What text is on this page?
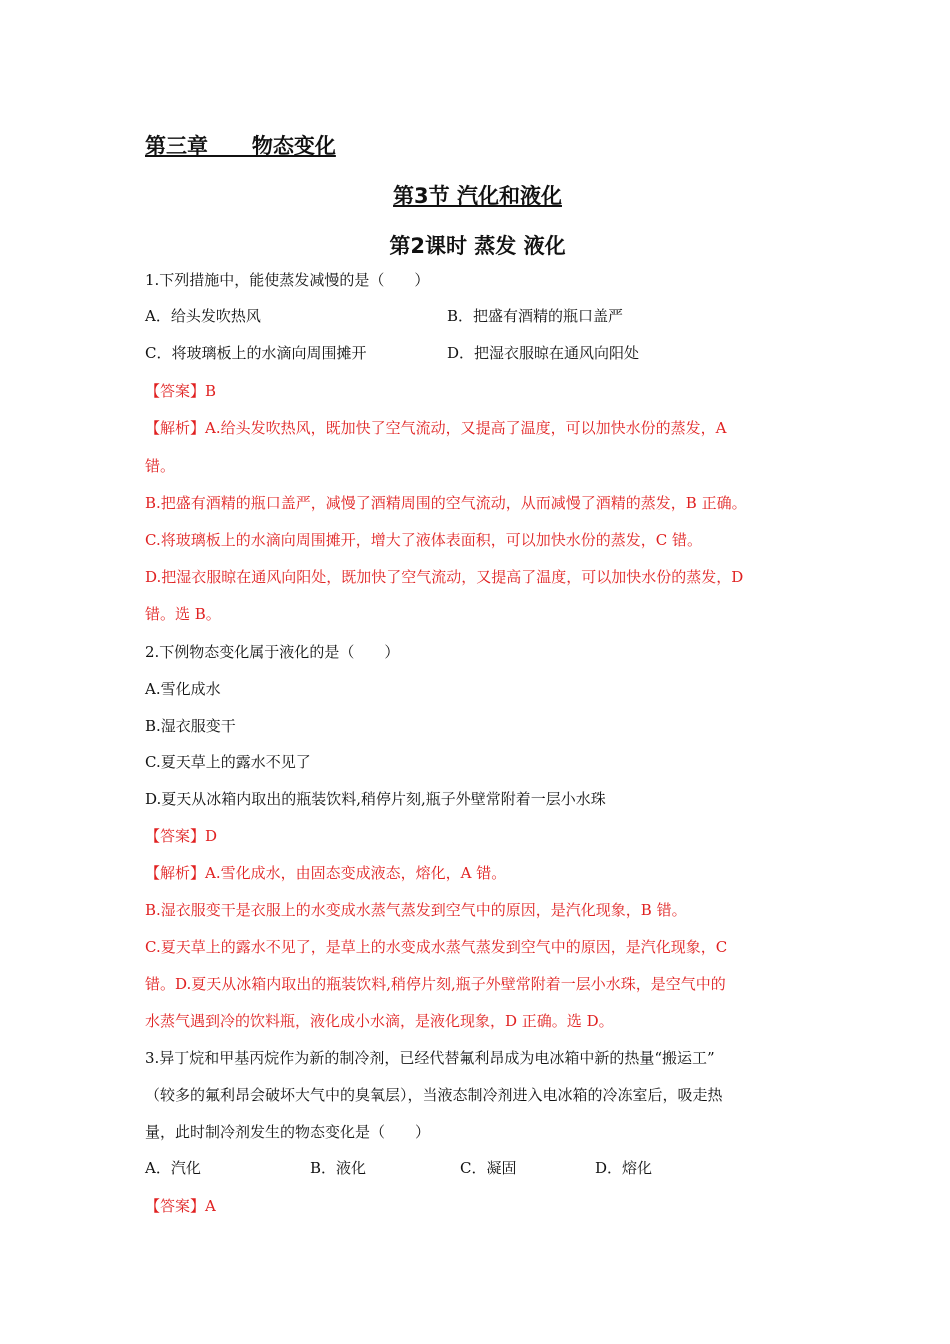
第三章      物态变化
第3节 汽化和液化
第2课时 蒸发 液化
1.下列措施中，能使蒸发减慢的是（　　）
A．给头发吹热风	B．把盛有酒精的瓶口盖严
C．将玻璃板上的水滴向周围摊开	D．把湿衣服晾在通风向阳处
【答案】B
【解析】A.给头发吹热风，既加快了空气流动，又提高了温度，可以加快水份的蒸发，A
错。
B.把盛有酒精的瓶口盖严，减慢了酒精周围的空气流动，从而减慢了酒精的蒸发，B 正确。
C.将玻璃板上的水滴向周围摊开，增大了液体表面积，可以加快水份的蒸发，C 错。
D.把湿衣服晾在通风向阳处，既加快了空气流动，又提高了温度，可以加快水份的蒸发，D
错。选 B。
2.下例物态变化属于液化的是（　　）
A.雪化成水
B.湿衣服变干
C.夏天草上的露水不见了
D.夏天从冰箱内取出的瓶装饮料,稍停片刻,瓶子外壁常附着一层小水珠
【答案】D
【解析】A.雪化成水，由固态变成液态，熔化，A 错。
B.湿衣服变干是衣服上的水变成水蒸气蒸发到空气中的原因，是汽化现象，B 错。
C.夏天草上的露水不见了，是草上的水变成水蒸气蒸发到空气中的原因，是汽化现象，C
错。D.夏天从冰箱内取出的瓶装饮料,稍停片刻,瓶子外壁常附着一层小水珠，是空气中的
水蒸气遇到冷的饮料瓶，液化成小水滴，是液化现象，D 正确。选 D。
3.异丁烷和甲基丙烷作为新的制冷剂，已经代替氟利昂成为电冰箱中新的热量“搬运工”
（较多的氟利昂会破坏大气中的臭氧层），当液态制冷剂进入电冰箱的冷冻室后，吸走热
量，此时制冷剂发生的物态变化是（　　）
A．汽化	B．液化	C．凝固	D．熔化
【答案】A
